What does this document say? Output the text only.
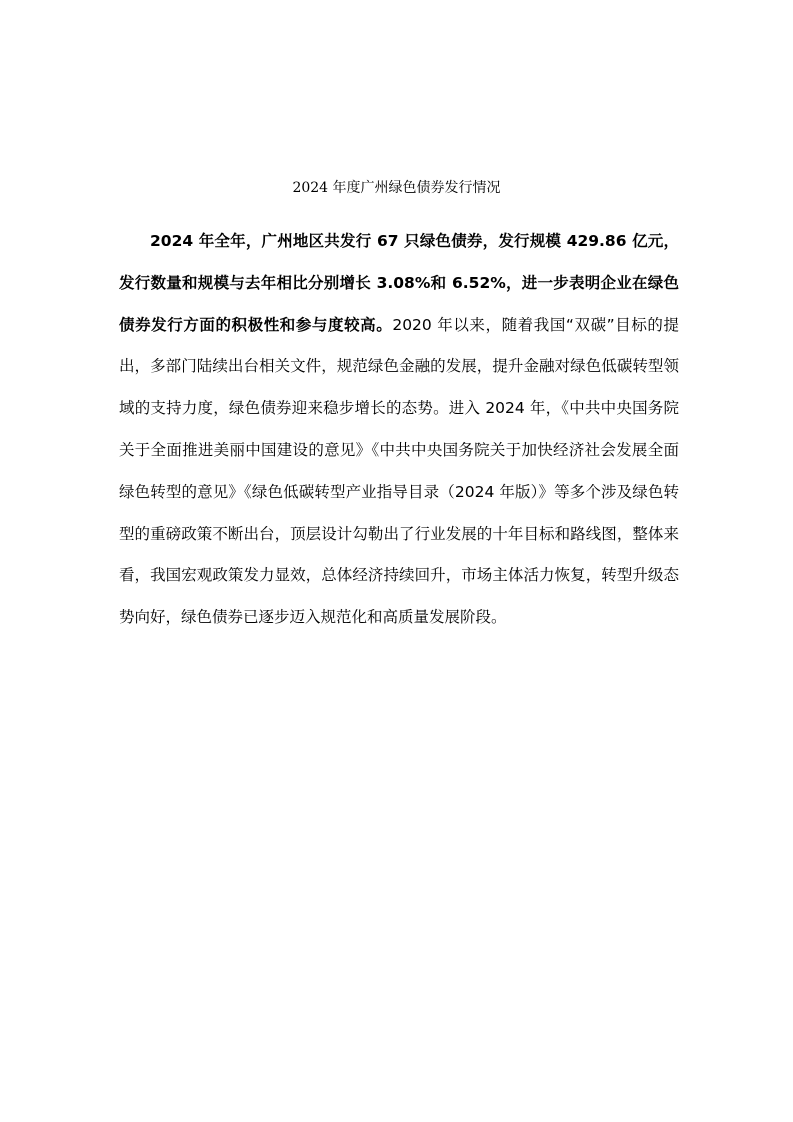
2024 年度广州绿色债券发行情况

2024 年全年，广州地区共发行 67 只绿色债券，发行规模 429.86 亿元，发行数量和规模与去年相比分别增长 3.08%和 6.52%，进一步表明企业在绿色债券发行方面的积极性和参与度较高。2020 年以来，随着我国“双碳”目标的提出，多部门陆续出台相关文件，规范绿色金融的发展，提升金融对绿色低碳转型领域的支持力度，绿色债券迎来稳步增长的态势。进入 2024 年，《中共中央国务院关于全面推进美丽中国建设的意见》《中共中央国务院关于加快经济社会发展全面绿色转型的意见》《绿色低碳转型产业指导目录（2024 年版）》等多个涉及绿色转型的重磅政策不断出台，顶层设计勾勒出了行业发展的十年目标和路线图，整体来看，我国宏观政策发力显效，总体经济持续回升，市场主体活力恢复，转型升级态势向好，绿色债券已逐步迈入规范化和高质量发展阶段。
